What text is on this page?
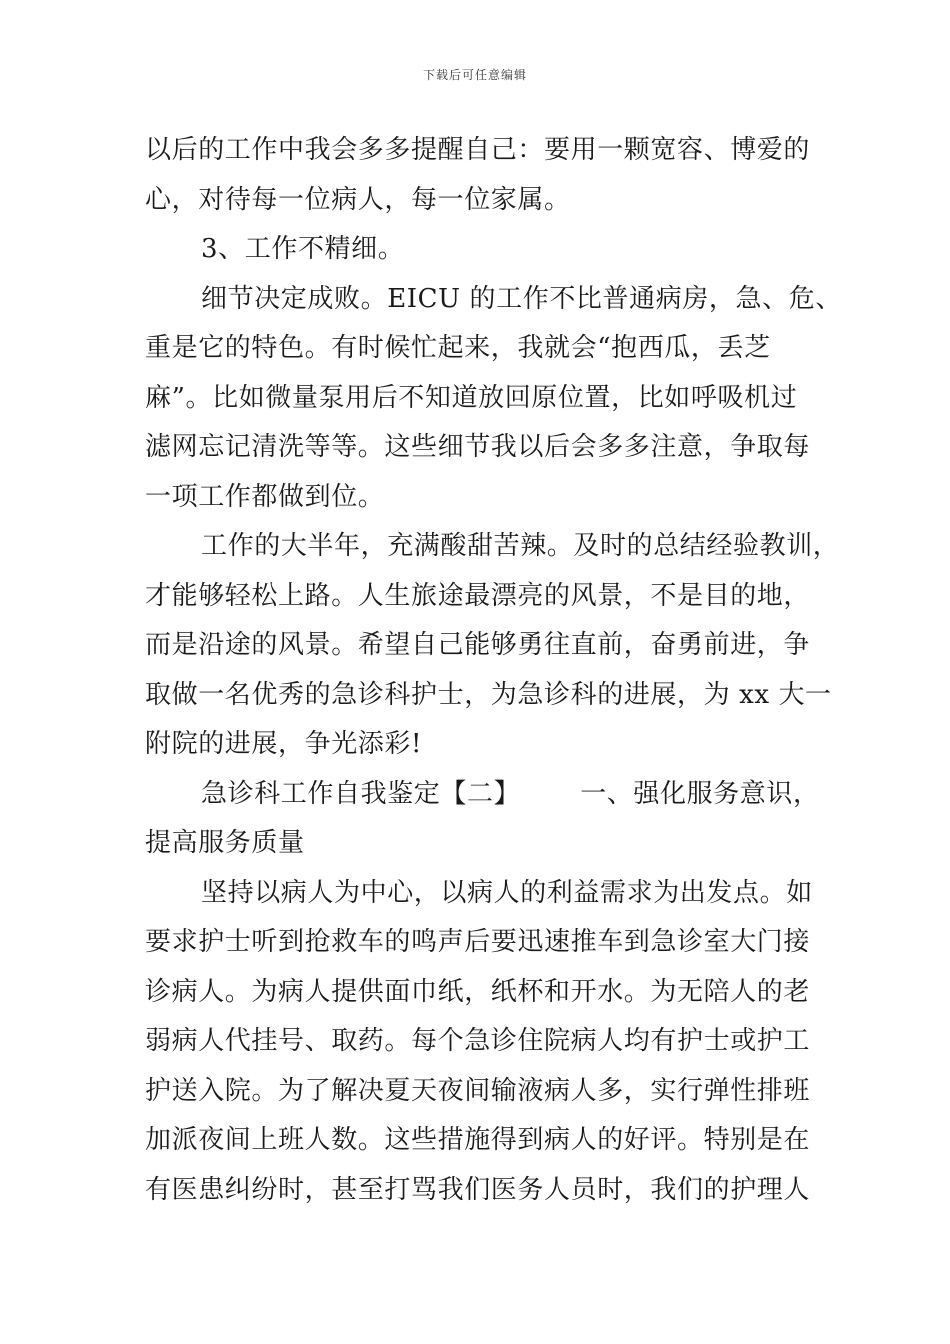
下载后可任意编辑
以后的工作中我会多多提醒自己：要用一颗宽容、博爱的
心，对待每一位病人，每一位家属。
3、工作不精细。
细节决定成败。EICU 的工作不比普通病房，急、危、
重是它的特色。有时候忙起来，我就会“抱西瓜，丢芝
麻”。比如微量泵用后不知道放回原位置，比如呼吸机过
滤网忘记清洗等等。这些细节我以后会多多注意，争取每
一项工作都做到位。
工作的大半年，充满酸甜苦辣。及时的总结经验教训，
才能够轻松上路。人生旅途最漂亮的风景，不是目的地，
而是沿途的风景。希望自己能够勇往直前，奋勇前进，争
取做一名优秀的急诊科护士，为急诊科的进展，为 xx 大一
附院的进展，争光添彩!
急诊科工作自我鉴定【二】 一、强化服务意识，
提高服务质量
坚持以病人为中心，以病人的利益需求为出发点。如
要求护士听到抢救车的鸣声后要迅速推车到急诊室大门接
诊病人。为病人提供面巾纸，纸杯和开水。为无陪人的老
弱病人代挂号、取药。每个急诊住院病人均有护士或护工
护送入院。为了解决夏天夜间输液病人多，实行弹性排班
加派夜间上班人数。这些措施得到病人的好评。特别是在
有医患纠纷时，甚至打骂我们医务人员时，我们的护理人
